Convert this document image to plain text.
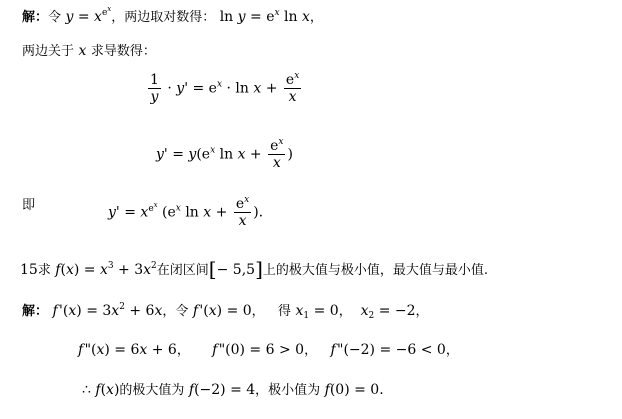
解：令 $y = x^{e^x}$，两边取对数得： $\ln y = e^x$ ln x，
两边关于 x 求导数得：
$\frac{1}{y} \cdot y' = e^x \cdot \ln x + \frac{e^x}{x}$
$y' = y(e^x$ $\ln x + \frac{e^x}{x}$ )
即	$y' = x^{e^x}$ ($e^x$ $\ln x + \frac{e^x}{x}$ ).
15求 $f(x) = x^3 + 3x^2$在闭区间[− 5,5]上的极大值与极小值，最大值与最小值.
解： f '$(x) = 3x^2 + 6x$，令 f '(x) = 0， 得 $x_1 = 0$， $x_2 = -2$，
f "(x) = 6x + 6， f "(0) = 6 > 0， f "(−2) = −6 < 0，
∴ f(x)的极大值为 f(−2) = 4，极小值为 f(0) = 0.
